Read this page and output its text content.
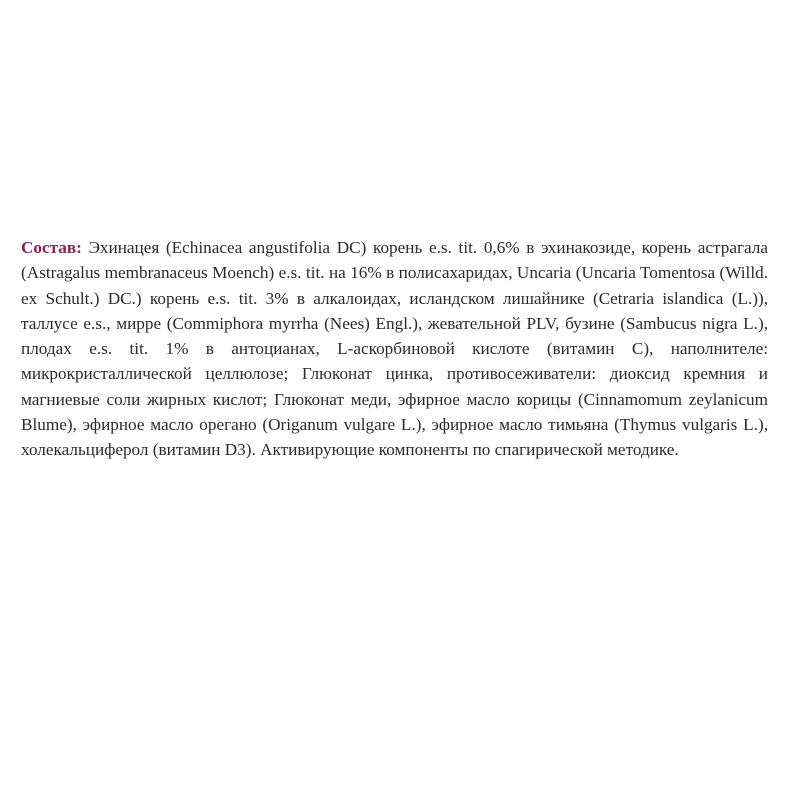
Состав: Эхинацея (Echinacea angustifolia DC) корень e.s. tit. 0,6% в эхинакозиде, корень астрагала (Astragalus membranaceus Moench) e.s. tit. на 16% в полисахаридах, Uncaria (Uncaria Tomentosa (Willd. ex Schult.) DC.) корень e.s. tit. 3% в алкалоидах, исландском лишайнике (Cetraria islandica (L.)), таллусе e.s., мирре (Commiphora myrrha (Nees) Engl.), жевательной PLV, бузине (Sambucus nigra L.), плодах e.s. tit. 1% в антоцианах, L-аскорбиновой кислоте (витамин C), наполнителе: микрокристаллической целлюлозе; Глюконат цинка, противосеживатели: диоксид кремния и магниевые соли жирных кислот; Глюконат меди, эфирное масло корицы (Cinnamomum zeylanicum Blume), эфирное масло орегано (Origanum vulgare L.), эфирное масло тимьяна (Thymus vulgaris L.), холекальциферол (витамин D3). Активирующие компоненты по спагирической методике.
